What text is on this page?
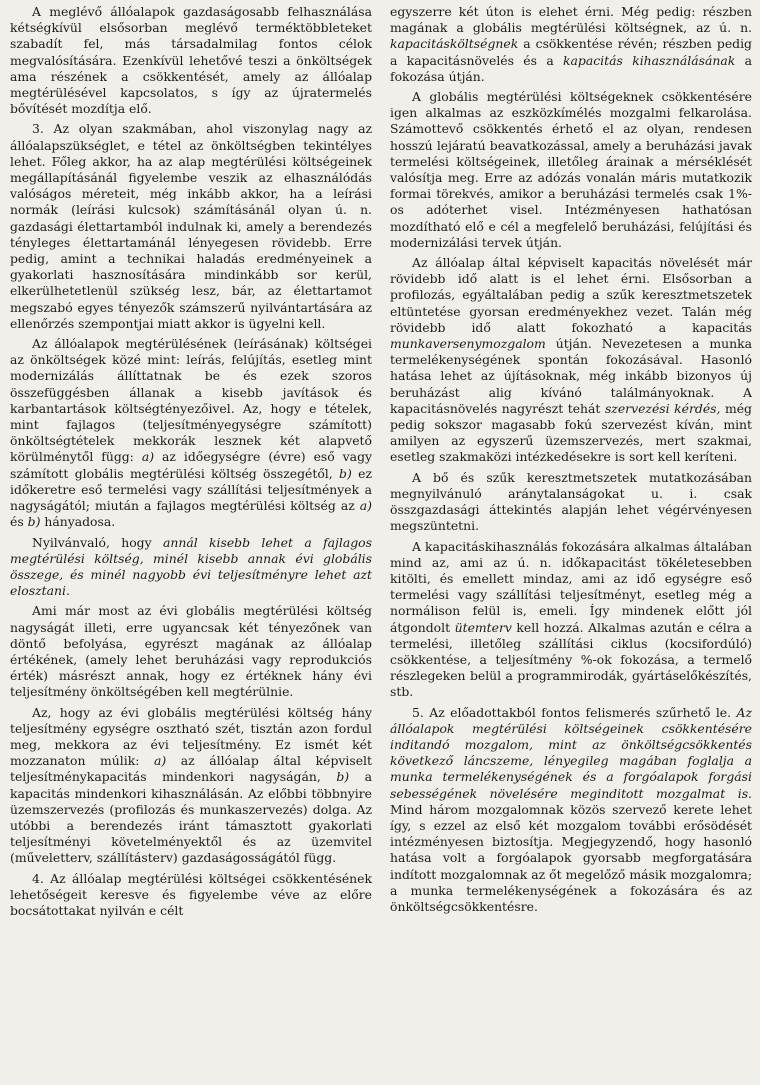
A meglévő állóalapok gazdaságosabb felhasználása kétségkívül elsősorban meglévő terméktöbbleteket szabadít fel, más társadalmilag fontos célok megvalósítására. Ezenkívül lehetővé teszi a önköltségek ama részének a csökkentését, amely az állóalap megtérülésével kapcsolatos, s így az újratermelés bővítését mozdítja elő.

3. Az olyan szakmában, ahol viszonylag nagy az állóalapszükséglet, e tétel az önköltségben tekintélyes lehet. Főleg akkor, ha az alap megtérülési költségeinek megállapításánál figyelembe veszik az elhasználódás valóságos méreteit, még inkább akkor, ha a leírási normák (leírási kulcsok) számításánál olyan ú. n. gazdasági élettartamból indulnak ki, amely a berendezés tényleges élettartamánál lényegesen rövidebb. Erre pedig, amint a technikai haladás eredményeinek a gyakorlati hasznosítására mindinkább sor kerül, elkerülhetetlenül szükség lesz, bár, az élettartamot megszabó egyes tényezők számszerű nyilvántartására az ellenőrzés szempontjai miatt akkor is ügyelni kell.

Az állóalapok megtérülésének (leírásának) költségei az önköltségek közé mint: leírás, felújítás, esetleg mint modernizálás állíttatnak be és ezek szoros összefüggésben állanak a kisebb javítások és karbantartások költségtényezőivel. Az, hogy e tételek, mint fajlagos (teljesítményegységre számított) önköltségtételek mekkorák lesznek két alapvető körülménytől függ: a) az időegységre (évre) eső vagy számított globális megtérülési költség összegétől, b) ez időkeretre eső termelési vagy szállítási teljesítmények a nagyságától; miután a fajlagos megtérülési költség az a) és b) hányadosa.

Nyilvánvaló, hogy annál kisebb lehet a fajlagos megtérülési költség, minél kisebb annak évi globális összege, és minél nagyobb évi teljesítményre lehet azt elosztani.

Ami már most az évi globális megtérülési költség nagyságát illeti, erre ugyancsak két tényezőnek van döntő befolyása, egyrészt magának az állóalap értékének, (amely lehet beruházási vagy reprodukciós érték) másrészt annak, hogy ez értéknek hány évi teljesítmény önköltségében kell megtérülnie.

Az, hogy az évi globális megtérülési költség hány teljesítmény egységre osztható szét, tisztán azon fordul meg, mekkora az évi teljesítmény. Ez ismét két mozzanaton múlik: a) az állóalap által képviselt teljesítménykapacitás mindenkori nagyságán, b) a kapacitás mindenkori kihasználásán. Az előbbi többnyire üzemszervezés (profilozás és munkaszervezés) dolga. Az utóbbi a berendezés iránt támasztott gyakorlati teljesítményi követelményektől és az üzemvitel (műveletterv, szállításterv) gazdaságosságától függ.

4. Az állóalap megtérülési költségei csökkentésének lehetőségeit keresve és figyelembe véve az előre bocsátottakat nyilván e célt

egyszerre két úton is elehet érni. Még pedig: részben magának a globális megtérülési költségnek, az ú. n. kapacitásköltségnek a csökkentése révén; részben pedig a kapacitásnövelés és a kapacitás kihasználásának a fokozása útján.

A globális megtérülési költségeknek csökkentésére igen alkalmas az eszközkímélés mozgalmi felkarolása. Számottevő csökkentés érhető el az olyan, rendesen hosszú lejáratú beavatkozással, amely a beruházási javak termelési költségeinek, illetőleg árainak a mérséklését valósítja meg. Erre az adózás vonalán máris mutatkozik formai törekvés, amikor a beruházási termelés csak 1%-os adóterhet visel. Intézményesen hathatósan mozdítható elő e cél a megfelelő beruházási, felújítási és modernizálási tervek útján.

Az állóalap által képviselt kapacitás növelését már rövidebb idő alatt is el lehet érni. Elsősorban a profilozás, egyáltalában pedig a szűk keresztmetszetek eltüntetése gyorsan eredményekhez vezet. Talán még rövidebb idő alatt fokozható a kapacitás munkaversenymozgalom útján. Nevezetesen a munka termelékenységének spontán fokozásával. Hasonló hatása lehet az újításoknak, még inkább bizonyos új beruházást alig kívánó találmányoknak. A kapacitásnövelés nagyrészt tehát szervezési kérdés, még pedig sokszor magasabb fokú szervezést kíván, mint amilyen az egyszerű üzemszervezés, mert szakmai, esetleg szakmaközi intézkedésekre is sort kell keríteni.

A bő és szűk keresztmetszetek mutatkozásában megnyilvánuló aránytalanságokat u. i. csak összgazdasági áttekintés alapján lehet végérvényesen megszüntetni.

A kapacitáskihasználás fokozására alkalmas általában mind az, ami az ú. n. időkapacitást tökéletesebben kitölti, és emellett mindaz, ami az idő egységre eső termelési vagy szállítási teljesítményt, esetleg még a normálison felül is, emeli. Így mindenek előtt jól átgondolt ütemterv kell hozzá. Alkalmas azután e célra a termelési, illetőleg szállítási ciklus (kocsifordúló) csökkentése, a teljesítmény %-ok fokozása, a termelő részlegeken belül a programmirodák, gyártáselőkészítés, stb.

5. Az előadottakból fontos felismerés szűrhető le. Az állóalapok megtérülési költségeinek csökkentésére inditandó mozgalom, mint az önköltségcsökkentés következő láncszeme, lényegileg magában foglalja a munka termelékenységének és a forgóalapok forgási sebességének növelésére meginditott mozgalmat is. Mind három mozgalomnak közös szervező kerete lehet így, s ezzel az első két mozgalom további erősödését intézményesen biztosítja. Megjegyzendő, hogy hasonló hatása volt a forgóalapok gyorsabb megforgatására indított mozgalomnak az őt megelőző másik mozgalomra; a munka termelékenységének a fokozására és az önköltségcsökkentésre.
